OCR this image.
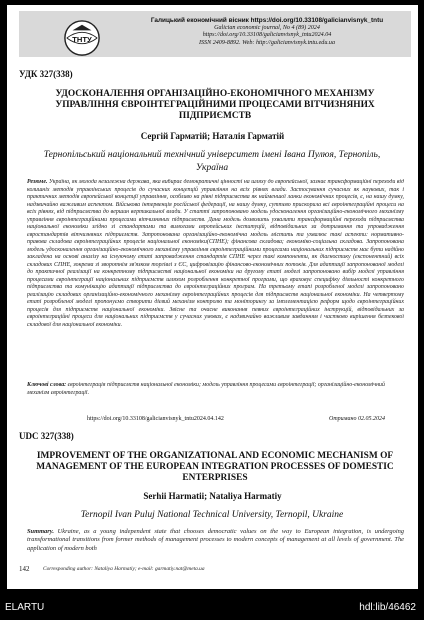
ТНТУ
Галицький економічний вісник https://doi.org/10.33108/galicianvisnyk_tntu
Galician economic journal, No 4 (89) 2024
https://doi.org/10.33108/galicianvisnyk_tntu2024.04
ISSN 2409-8892. Web: http://galicianvisnyk.tntu.edu.ua
УДК 327(338)
УДОСКОНАЛЕННЯ ОРГАНІЗАЦІЙНО-ЕКОНОМІЧНОГО МЕХАНІЗМУ УПРАВЛІННЯ ЄВРОІНТЕГРАЦІЙНИМИ ПРОЦЕСАМИ ВІТЧИЗНЯНИХ ПІДПРИЄМСТВ
Сергій Гарматій; Наталія Гарматій
Тернопільський національний технічний університет імені Івана Пулюя, Тернопіль, Україна
Резюме. Україна, як молода незалежна держава, яка вибирає демократичні цінності на шляху до європейської, зазнає трансформаційні переходи від колишніх методів управлінських процесів до сучасних концепцій управління на всіх рівнях влади. Застосування сучасних як наукових, так і практичних методів європейської концепції управління, особливо на рівні підприємства як найменшої ланки економічних процесів, є, на нашу думку, надзвичайно важливим аспектом. Військова інтервенція російської федерації, на нашу думку, суттєво прискорила всі євроінтеграційні процеси на всіх рівнях, від підприємства до вершин вертикальної влади. У статті запропоновано модель удосконалення організаційно-економічного механізму управління євроінтеграційними процесами вітчизняних підприємств. Дана модель дозволить ухвалити трансформаційні переходи підприємства національної економіки згідно зі стандартами та вимогами європейських інституцій, відповідальних за дотримання та упровадження євростандартів вітчизняних підприємств. Запропонована організаційно-економічна модель містить та ухвалює такі аспекти: нормативно-правова складова євроінтеграційних процесів національної економіки(СПНЕ); фінансова складова; економіко-соціальна складова. Запропонована модель удосконалення організаційно-економічного механізму управління євроінтеграційними процесами національних підприємств має бути надійно закладена на основі аналізу на існуючому етапі запровадження стандартів СПНЕ через такі компоненти, як діагностику (експонентний) всіх складових СПНЕ, зокрема зі зворотнім зв'язком торгівлі з ЄС, цифровізацію фінансово-економічних потоків. Для адаптації запропонованої моделі до практичної реалізації на конкретному підприємстві національної економіки на другому етапі моделі запропоновано вибір моделі управління процесами євроінтеграції національних підприємств шляхом розроблення конкретної програми, що враховує специфіку діяльності конкретного підприємства та комунікацію адаптації підприємства до євроінтеграційних програм. На третьому етапі розробленої моделі запропоновано реалізацію складових організаційно-економічного механізму євроінтеграційних процесів для підприємств національної економіки. На четвертому етапі розробленої моделі пропонуємо створити дієвий механізм контролю та моніторингу за імплементацією реформ щодо євроінтеграційних процесів для підприємств національної економіки. Звісне та очасне виконання певних євроінтеграційних інструкцій, відповідальних за євроінтеграційні процеси для національних підприємств у сучасних умовах, є надзвичайно важливим завданням і частково вирішення безпекової складової для національної економіки.
Ключові слова: євроінтеграція підприємств національної економіки; модель управління процесами євроінтеграції; організаційно-економічний механізм євроінтеграції.
https://doi.org/10.33108/galicianvisnyk_tntu2024.04.142	Отримано 02.05.2024
UDC 327(338)
IMPROVEMENT OF THE ORGANIZATIONAL AND ECONOMIC MECHANISM OF MANAGEMENT OF THE EUROPEAN INTEGRATION PROCESSES OF DOMESTIC ENTERPRISES
Serhii Harmatii; Nataliya Harmatiy
Ternopil Ivan Puluj National Technical University, Ternopil, Ukraine
Summary. Ukraine, as a young independent state that chooses democratic values on the way to European integration, is undergoing transformational transitions from former methods of management processes to modern concepts of management at all levels of government. The application of modern both
142	Corresponding author: Nataliya Harmatiy; e-mail: garmatiy.nat@meta.ua
ELARTU	hdl:lib/46462
